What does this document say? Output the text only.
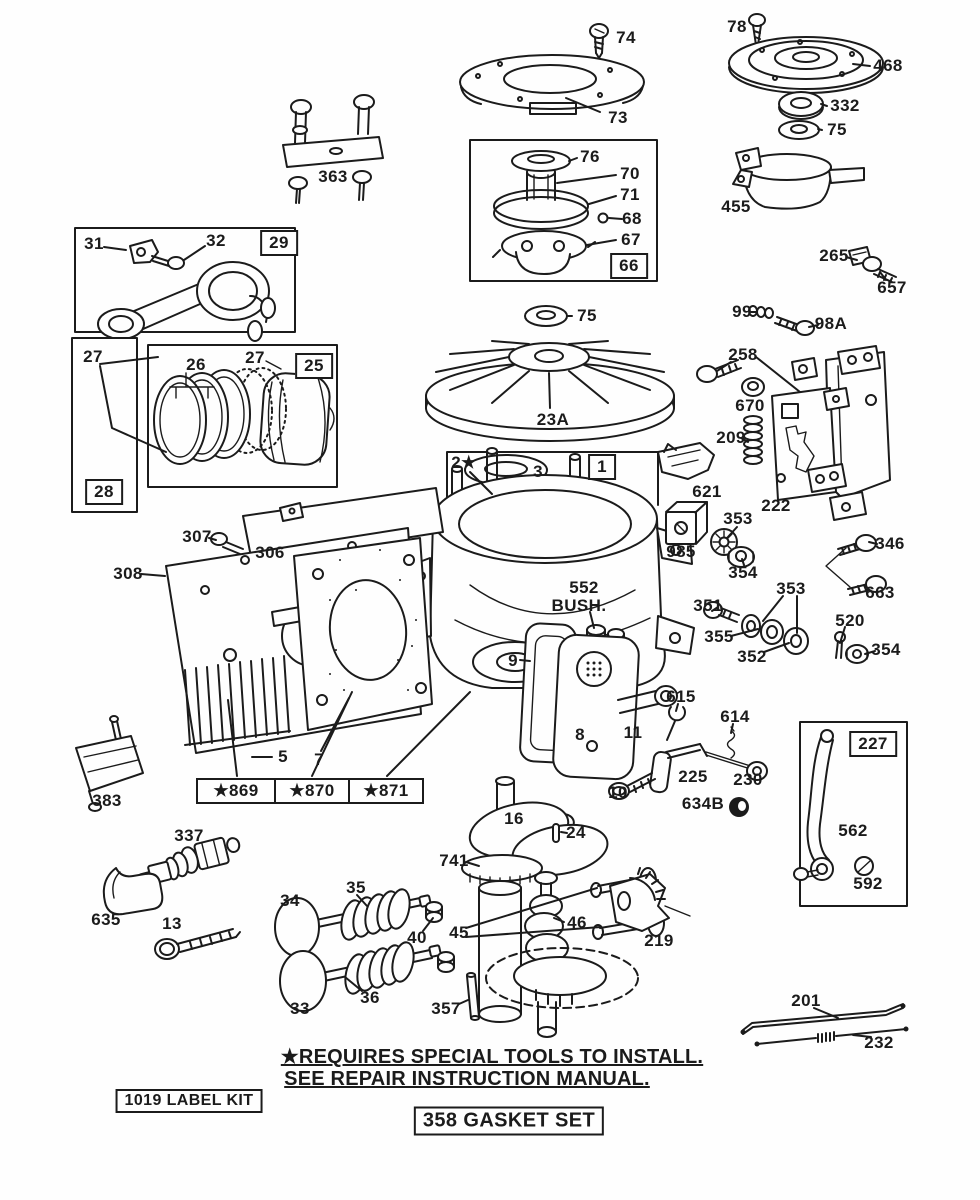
74
73
363
78
468
332
75
455
265
657
31	32
76
70
71
68
67
75	99
98A
258
670
209
23A
27	26 27
621
222
2★	3
307
306
308
985
353
354
346
663
351
353
355
352
520
354
552
BUSH.
9
8 11
615
614
225 230
10
634B
562
592
383
5 7
337
635 13
16
24
741
34
35
40 45
46
33
36
357
219
201
232
29
25
28
66
1
227
★869	★870	★871
1019 LABEL KIT
358 GASKET SET
★REQUIRES SPECIAL TOOLS TO INSTALL.
SEE REPAIR INSTRUCTION MANUAL.
